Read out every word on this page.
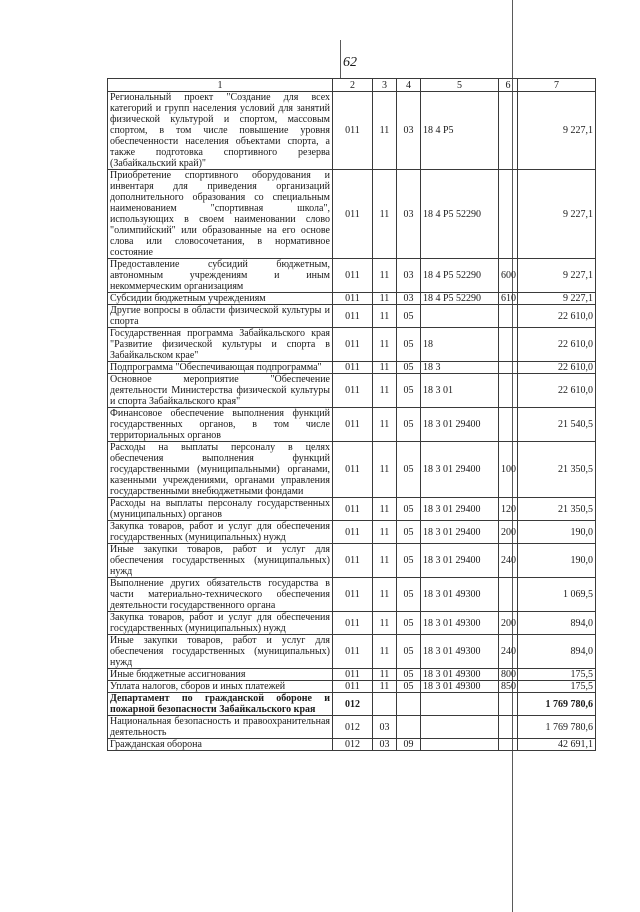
62
1	2	3	4	5	6	7
Региональный проект "Создание для всех категорий и групп населения условий для занятий физической культурой и спортом, массовым спортом, в том числе повышение уровня обеспеченности населения объектами спорта, а также подготовка спортивного резерва (Забайкальский край)"	011	11	03	18 4 P5		9 227,1
Приобретение спортивного оборудования и инвентаря для приведения организаций дополнительного образования со специальным наименованием "спортивная школа", использующих в своем наименовании слово "олимпийский" или образованные на его основе слова или словосочетания, в нормативное состояние	011	11	03	18 4 P5 52290		9 227,1
Предоставление субсидий бюджетным, автономным учреждениям и иным некоммерческим организациям	011	11	03	18 4 P5 52290	600	9 227,1
Субсидии бюджетным учреждениям	011	11	03	18 4 P5 52290	610	9 227,1
Другие вопросы в области физической культуры и спорта	011	11	05			22 610,0
Государственная программа Забайкальского края "Развитие физической культуры и спорта в Забайкальском крае"	011	11	05	18		22 610,0
Подпрограмма "Обеспечивающая подпрограмма"	011	11	05	18 3		22 610,0
Основное мероприятие "Обеспечение деятельности Министерства физической культуры и спорта Забайкальского края"	011	11	05	18 3 01		22 610,0
Финансовое обеспечение выполнения функций государственных органов, в том числе территориальных органов	011	11	05	18 3 01 29400		21 540,5
Расходы на выплаты персоналу в целях обеспечения выполнения функций государственными (муниципальными) органами, казенными учреждениями, органами управления государственными внебюджетными фондами	011	11	05	18 3 01 29400	100	21 350,5
Расходы на выплаты персоналу государственных (муниципальных) органов	011	11	05	18 3 01 29400	120	21 350,5
Закупка товаров, работ и услуг для обеспечения государственных (муниципальных) нужд	011	11	05	18 3 01 29400	200	190,0
Иные закупки товаров, работ и услуг для обеспечения государственных (муниципальных) нужд	011	11	05	18 3 01 29400	240	190,0
Выполнение других обязательств государства в части материально-технического обеспечения деятельности государственного органа	011	11	05	18 3 01 49300		1 069,5
Закупка товаров, работ и услуг для обеспечения государственных (муниципальных) нужд	011	11	05	18 3 01 49300	200	894,0
Иные закупки товаров, работ и услуг для обеспечения государственных (муниципальных) нужд	011	11	05	18 3 01 49300	240	894,0
Иные бюджетные ассигнования	011	11	05	18 3 01 49300	800	175,5
Уплата налогов, сборов и иных платежей	011	11	05	18 3 01 49300	850	175,5
Департамент по гражданской обороне и пожарной безопасности Забайкальского края	012					1 769 780,6
Национальная безопасность и правоохранительная деятельность	012	03				1 769 780,6
Гражданская оборона	012	03	09			42 691,1
